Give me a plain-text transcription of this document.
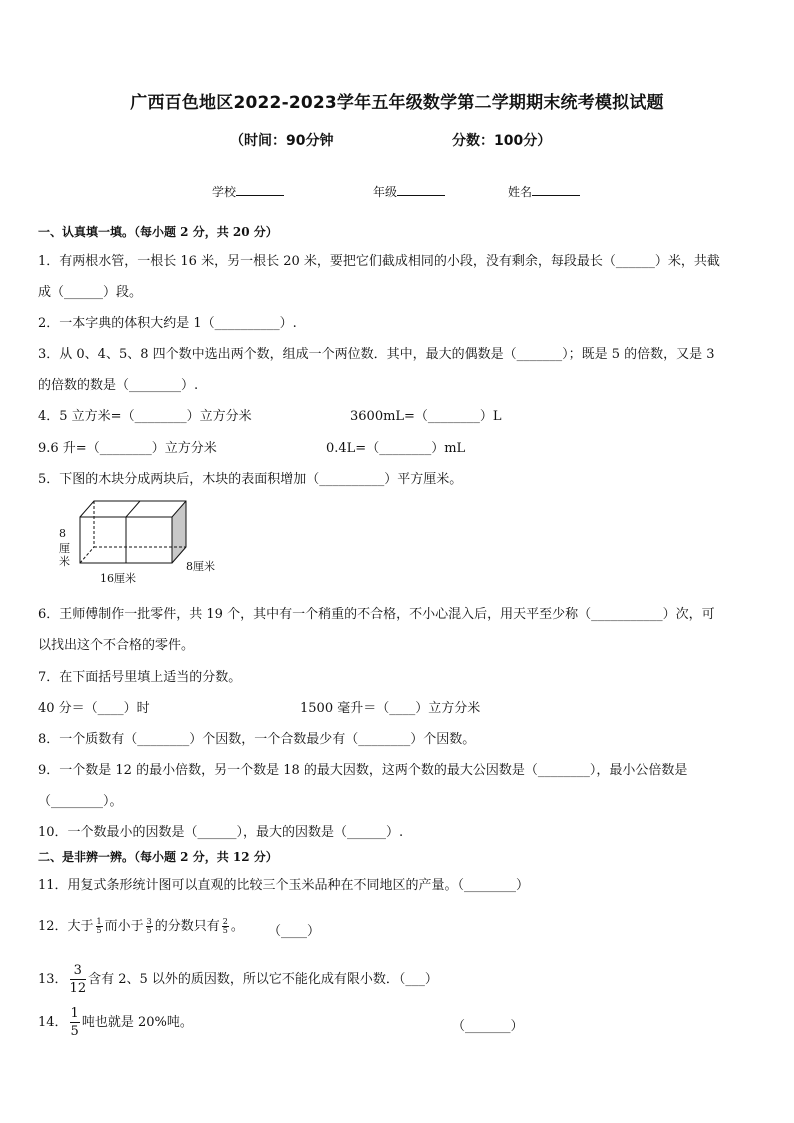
广西百色地区2022-2023学年五年级数学第二学期期末统考模拟试题
（时间：90分钟	分数：100分）
学校	年级	姓名
一、认真填一填。（每小题 2 分，共 20 分）
1．有两根水管，一根长 16 米，另一根长 20 米，要把它们截成相同的小段，没有剩余，每段最长（______）米，共截
成（______）段。
2．一本字典的体积大约是 1（__________）.
3．从 0、4、5、8 四个数中选出两个数，组成一个两位数．其中，最大的偶数是（_______）；既是 5 的倍数，又是 3
的倍数的数是（________）.
4．5 立方米=（________）立方分米	3600mL=（________）L
9.6 升=（________）立方分米	0.4L=（________）mL
5．下图的木块分成两块后，木块的表面积增加（__________）平方厘米。
8
厘
米
16厘米
8厘米
6．王师傅制作一批零件，共 19 个，其中有一个稍重的不合格，不小心混入后，用天平至少称（___________）次，可
以找出这个不合格的零件。
7．在下面括号里填上适当的分数。
40 分＝（____）时	1500 毫升＝（____）立方分米
8．一个质数有（________）个因数，一个合数最少有（________）个因数。
9．一个数是 12 的最小倍数，另一个数是 18 的最大因数，这两个数的最大公因数是（________），最小公倍数是
（________）。
10．一个数最小的因数是（______），最大的因数是（______）.
二、是非辨一辨。（每小题 2 分，共 12 分）
11．用复式条形统计图可以直观的比较三个玉米品种在不同地区的产量。（________）
12．大于 $\frac{1}{5}$ 而小于 $\frac{3}{5}$ 的分数只有 $\frac{2}{5}$ 。 （____）
13． $\frac{3}{12}$ 含有 2、5 以外的质因数，所以它不能化成有限小数．（___）
14． $\frac{1}{5}$ 吨也就是 20%吨。	（_______）
